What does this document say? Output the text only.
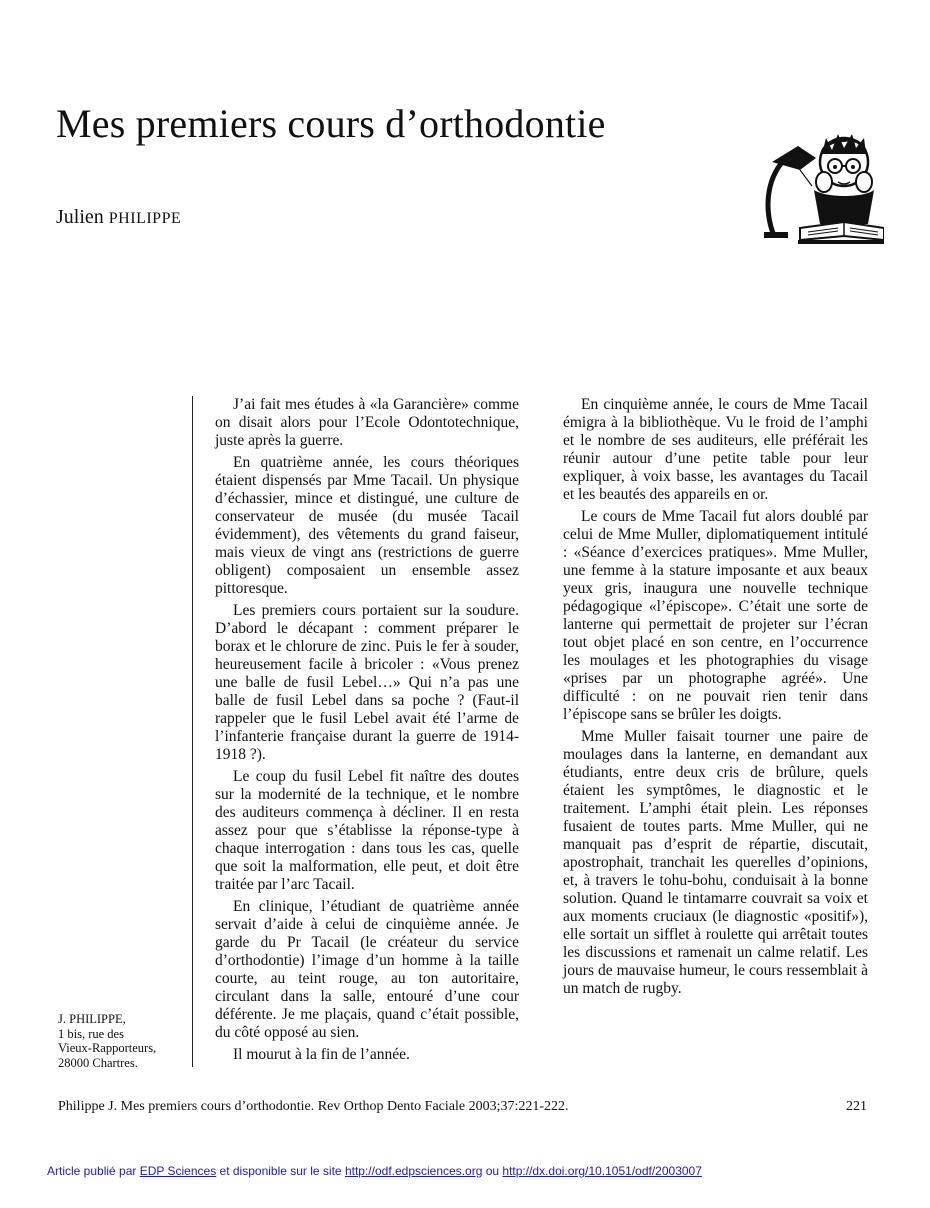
Mes premiers cours d’orthodontie
Julien PHILIPPE
J. PHILIPPE,
1 bis, rue des
Vieux-Rapporteurs,
28000 Chartres.

J’ai fait mes études à «la Garancière» comme on disait alors pour l’Ecole Odontotechnique, juste après la guerre.

En quatrième année, les cours théoriques étaient dispensés par Mme Tacail. Un physique d’échassier, mince et distingué, une culture de conservateur de musée (du musée Tacail évidemment), des vêtements du grand faiseur, mais vieux de vingt ans (restrictions de guerre obligent) composaient un ensemble assez pittoresque.

Les premiers cours portaient sur la soudure. D’abord le décapant : comment préparer le borax et le chlorure de zinc. Puis le fer à souder, heureusement facile à bricoler : «Vous prenez une balle de fusil Lebel…» Qui n’a pas une balle de fusil Lebel dans sa poche ? (Faut-il rappeler que le fusil Lebel avait été l’arme de l’infanterie française durant la guerre de 1914-1918 ?).

Le coup du fusil Lebel fit naître des doutes sur la modernité de la technique, et le nombre des auditeurs commença à décliner. Il en resta assez pour que s’établisse la réponse-type à chaque interrogation : dans tous les cas, quelle que soit la malformation, elle peut, et doit être traitée par l’arc Tacail.

En clinique, l’étudiant de quatrième année servait d’aide à celui de cinquième année. Je garde du Pr Tacail (le créateur du service d’orthodontie) l’image d’un homme à la taille courte, au teint rouge, au ton autoritaire, circulant dans la salle, entouré d’une cour déférente. Je me plaçais, quand c’était possible, du côté opposé au sien.

Il mourut à la fin de l’année.

En cinquième année, le cours de Mme Tacail émigra à la bibliothèque. Vu le froid de l’amphi et le nombre de ses auditeurs, elle préférait les réunir autour d’une petite table pour leur expliquer, à voix basse, les avantages du Tacail et les beautés des appareils en or.

Le cours de Mme Tacail fut alors doublé par celui de Mme Muller, diplomatiquement intitulé : «Séance d’exercices pratiques». Mme Muller, une femme à la stature imposante et aux beaux yeux gris, inaugura une nouvelle technique pédagogique «l’épiscope». C’était une sorte de lanterne qui permettait de projeter sur l’écran tout objet placé en son centre, en l’occurrence les moulages et les photographies du visage «prises par un photographe agréé». Une difficulté : on ne pouvait rien tenir dans l’épiscope sans se brûler les doigts.

Mme Muller faisait tourner une paire de moulages dans la lanterne, en demandant aux étudiants, entre deux cris de brûlure, quels étaient les symptômes, le diagnostic et le traitement. L’amphi était plein. Les réponses fusaient de toutes parts. Mme Muller, qui ne manquait pas d’esprit de répartie, discutait, apostrophait, tranchait les querelles d’opinions, et, à travers le tohu-bohu, conduisait à la bonne solution. Quand le tintamarre couvrait sa voix et aux moments cruciaux (le diagnostic «positif»), elle sortait un sifflet à roulette qui arrêtait toutes les discussions et ramenait un calme relatif. Les jours de mauvaise humeur, le cours ressemblait à un match de rugby.

Philippe J. Mes premiers cours d’orthodontie. Rev Orthop Dento Faciale 2003;37:221-222.	221
Article publié par EDP Sciences et disponible sur le site http://odf.edpsciences.org ou http://dx.doi.org/10.1051/odf/2003007
